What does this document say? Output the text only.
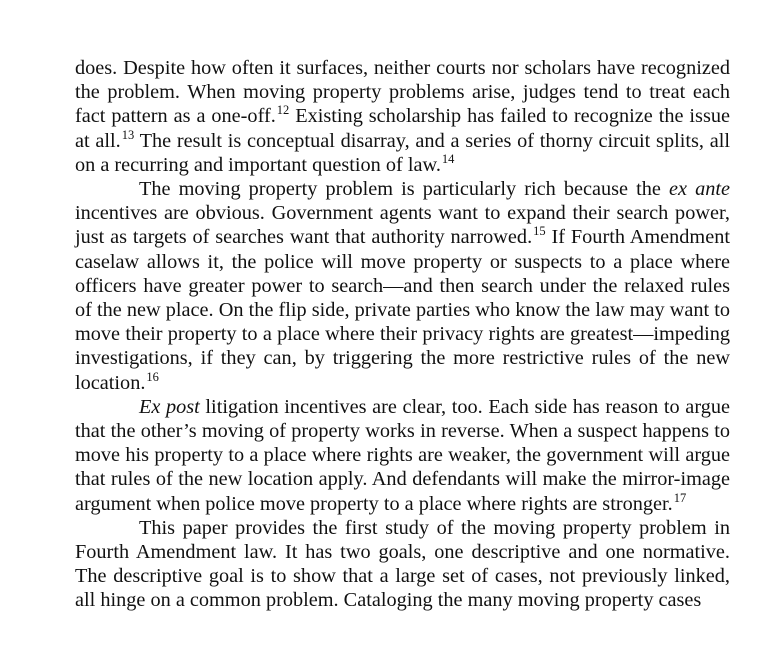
does. Despite how often it surfaces, neither courts nor scholars have recognized the problem. When moving property problems arise, judges tend to treat each fact pattern as a one-off.$^{12}$ Existing scholarship has failed to recognize the issue at all.$^{13}$ The result is conceptual disarray, and a series of thorny circuit splits, all on a recurring and important question of law.$^{14}$

The moving property problem is particularly rich because the ex ante incentives are obvious. Government agents want to expand their search power, just as targets of searches want that authority narrowed.$^{15}$ If Fourth Amendment caselaw allows it, the police will move property or suspects to a place where officers have greater power to search—and then search under the relaxed rules of the new place. On the flip side, private parties who know the law may want to move their property to a place where their privacy rights are greatest—impeding investigations, if they can, by triggering the more restrictive rules of the new location.$^{16}$

Ex post litigation incentives are clear, too. Each side has reason to argue that the other’s moving of property works in reverse. When a suspect happens to move his property to a place where rights are weaker, the government will argue that rules of the new location apply. And defendants will make the mirror-image argument when police move property to a place where rights are stronger.$^{17}$

This paper provides the first study of the moving property problem in Fourth Amendment law. It has two goals, one descriptive and one normative. The descriptive goal is to show that a large set of cases, not previously linked, all hinge on a common problem. Cataloging the many moving property cases
